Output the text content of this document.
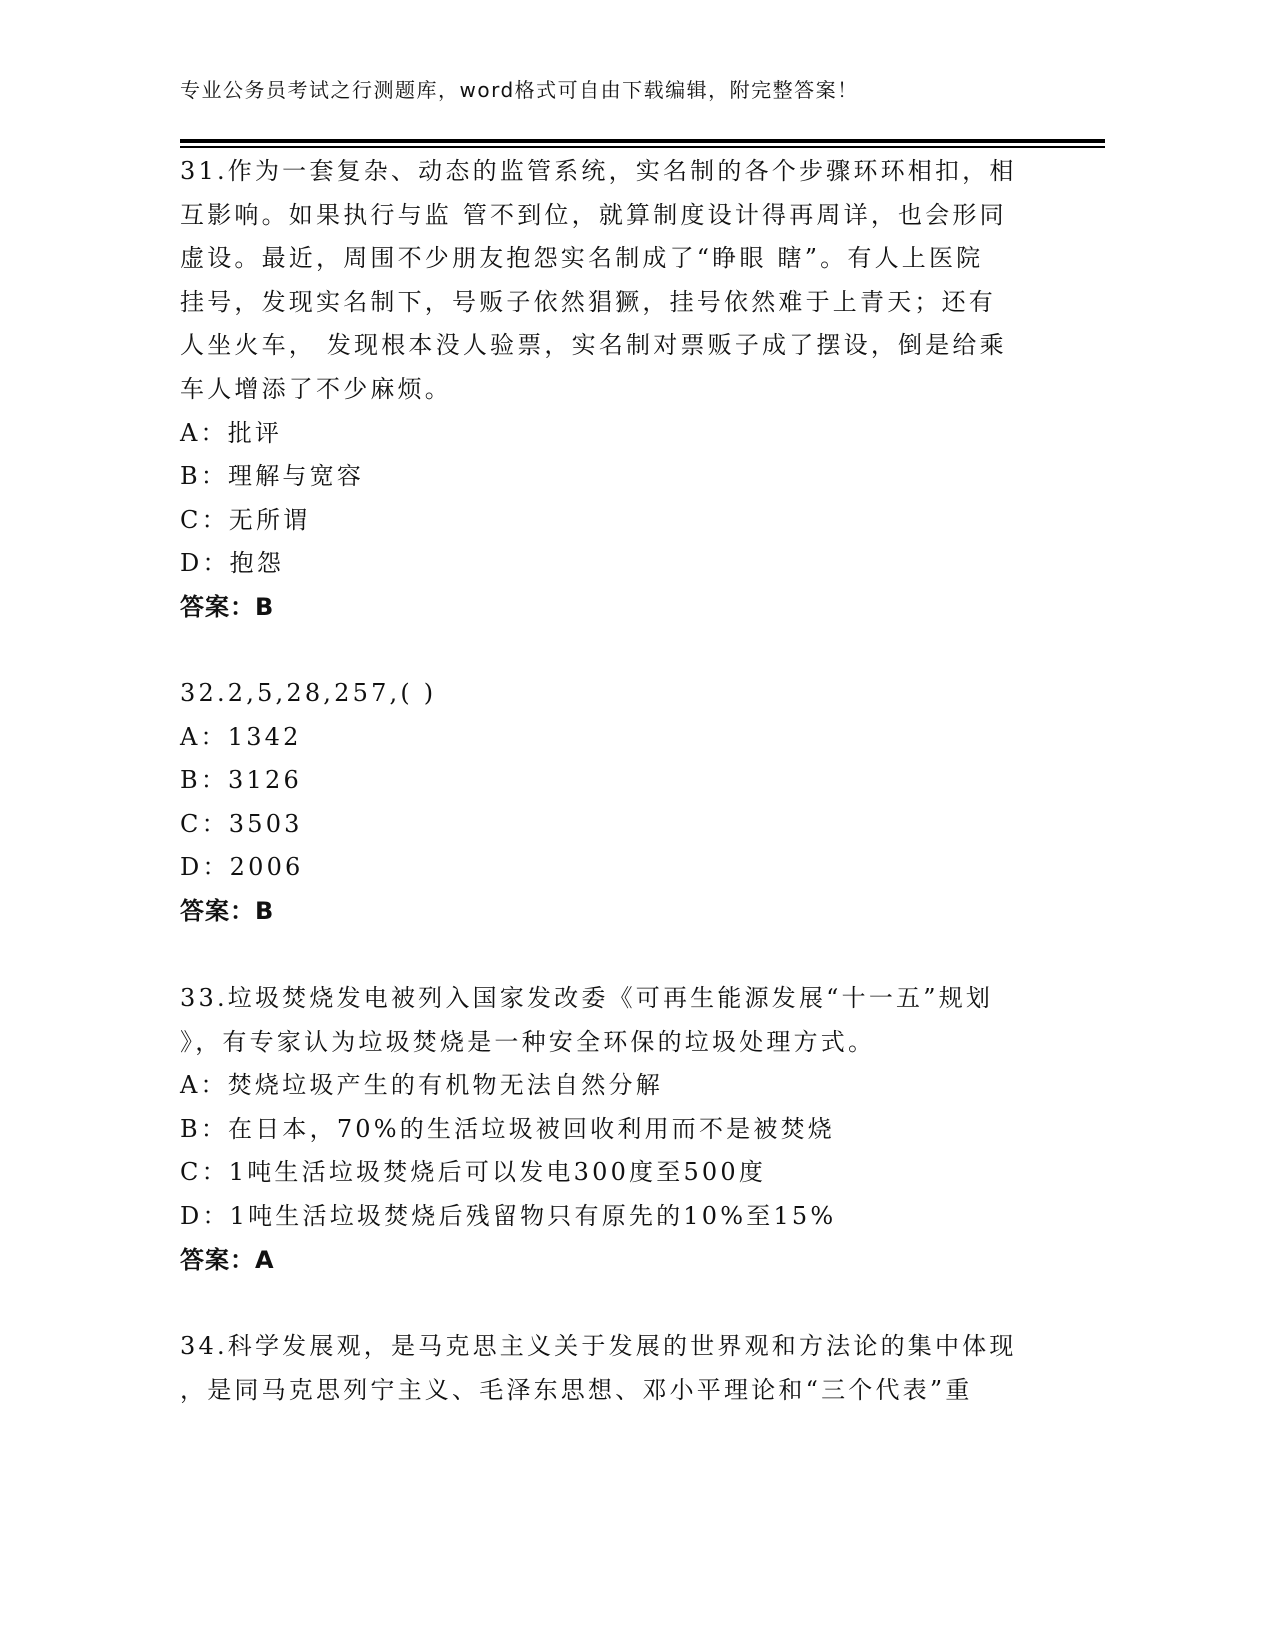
专业公务员考试之行测题库，word格式可自由下载编辑，附完整答案！
31.作为一套复杂、动态的监管系统，实名制的各个步骤环环相扣，相
互影响。如果执行与监 管不到位，就算制度设计得再周详，也会形同
虚设。最近，周围不少朋友抱怨实名制成了“睁眼 瞎”。有人上医院
挂号，发现实名制下，号贩子依然猖獗，挂号依然难于上青天；还有
人坐火车， 发现根本没人验票，实名制对票贩子成了摆设，倒是给乘
车人增添了不少麻烦。
A：批评
B：理解与宽容
C：无所谓
D：抱怨
答案：B
32.2,5,28,257,( )
A：1342
B：3126
C：3503
D：2006
答案：B
33.垃圾焚烧发电被列入国家发改委《可再生能源发展“十一五”规划
》，有专家认为垃圾焚烧是一种安全环保的垃圾处理方式。
A：焚烧垃圾产生的有机物无法自然分解
B：在日本，70%的生活垃圾被回收利用而不是被焚烧
C：1吨生活垃圾焚烧后可以发电300度至500度
D：1吨生活垃圾焚烧后残留物只有原先的10%至15%
答案：A
34.科学发展观，是马克思主义关于发展的世界观和方法论的集中体现
，是同马克思列宁主义、毛泽东思想、邓小平理论和“三个代表”重
